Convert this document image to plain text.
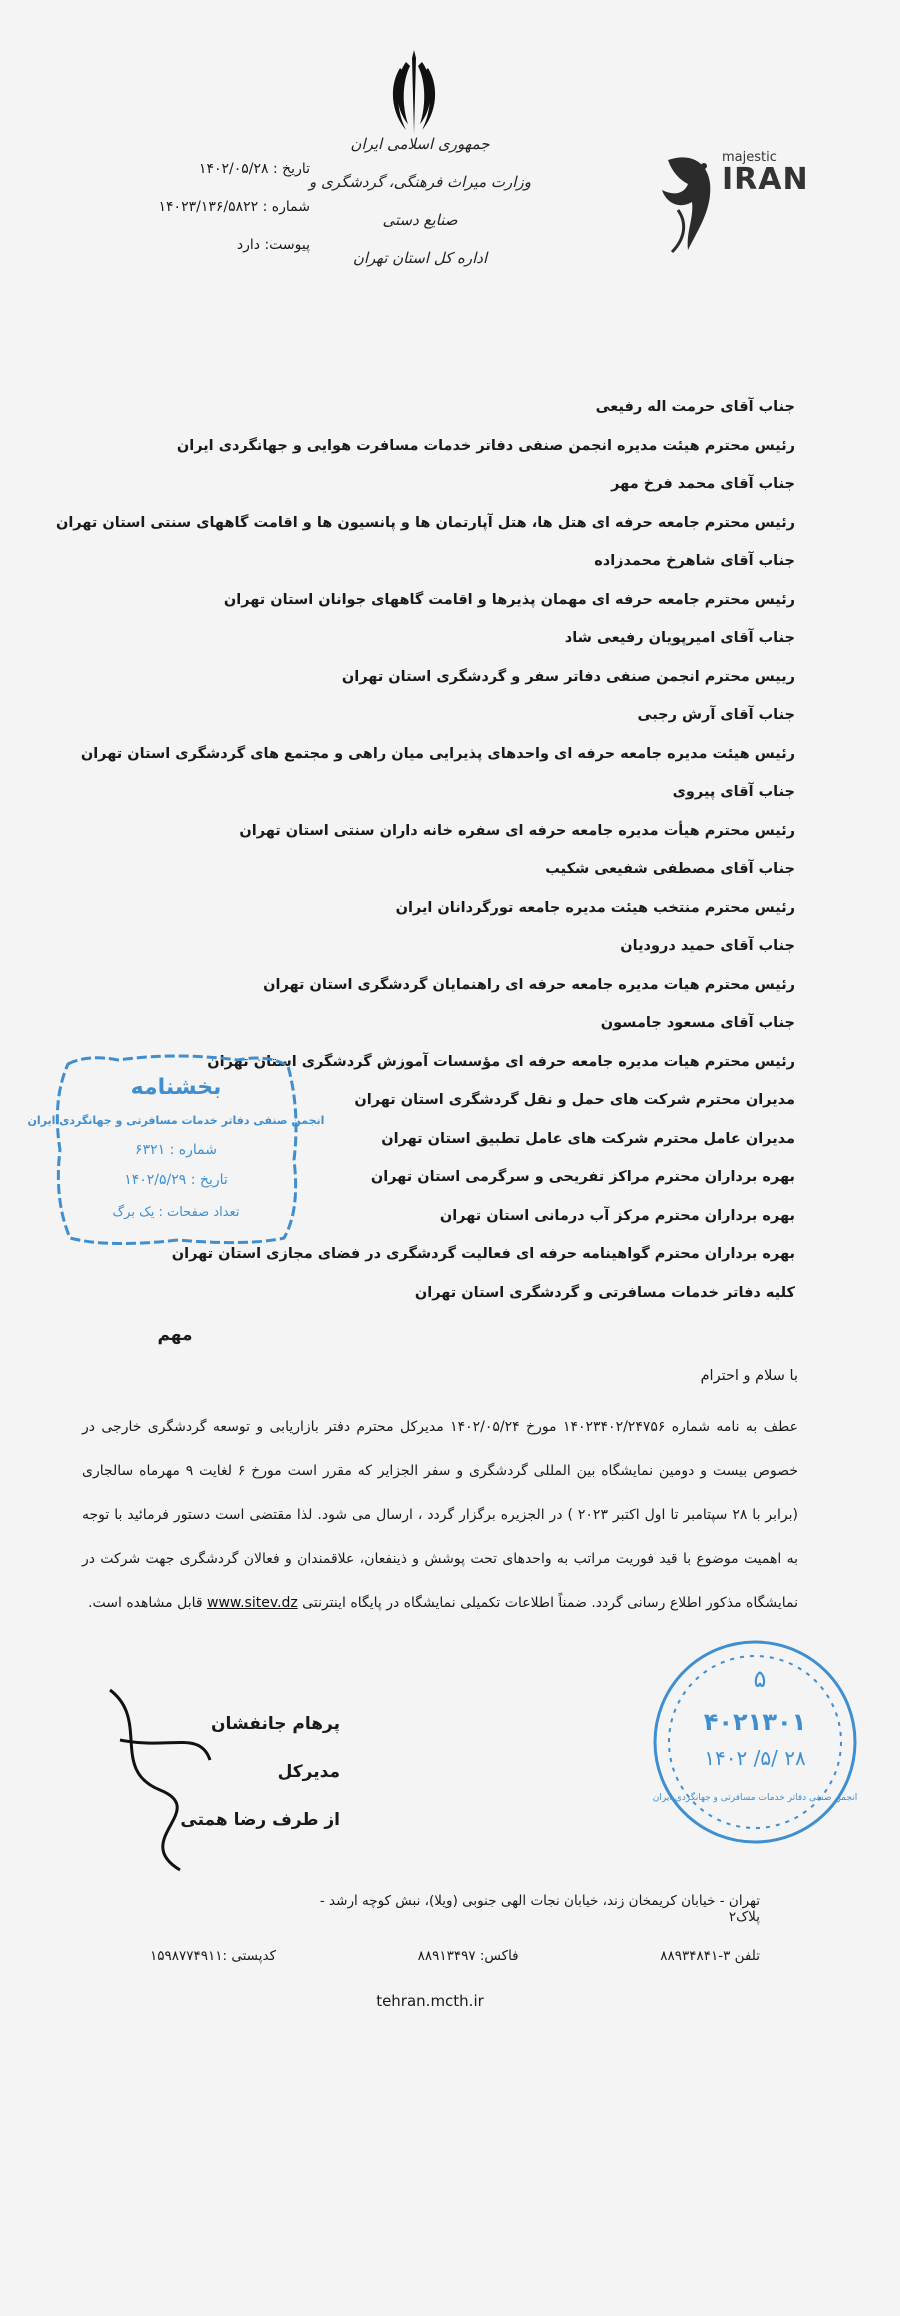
جمهوری اسلامی ایران
وزارت میراث فرهنگی، گردشگری و صنایع دستی
اداره کل استان تهران
majestic
IRAN
تاریخ : ۱۴۰۲/۰۵/۲۸
شماره : ۱۴۰۲۳/۱۳۶/۵۸۲۲
پیوست: دارد
جناب آقای حرمت اله رفیعی
رئیس محترم هیئت مدیره انجمن صنفی دفاتر خدمات مسافرت هوایی و جهانگردی ایران
جناب آقای محمد فرخ مهر
رئیس محترم جامعه حرفه ای هتل ها، هتل آپارتمان ها و پانسیون ها و اقامت گاههای سنتی استان تهران
جناب آقای شاهرخ محمدزاده
رئیس محترم جامعه حرفه ای مهمان پذیرها و اقامت گاههای جوانان استان تهران
جناب آقای امیرپویان رفیعی شاد
رییس محترم انجمن صنفی دفاتر سفر و گردشگری استان تهران
جناب آقای آرش رجبی
رئیس هیئت مدیره جامعه حرفه ای واحدهای پذیرایی میان راهی و مجتمع های گردشگری استان تهران
جناب آقای پیروی
رئیس محترم هیأت مدیره جامعه حرفه ای سفره خانه داران سنتی استان تهران
جناب آقای مصطفی شفیعی شکیب
رئیس محترم منتخب هیئت مدیره جامعه تورگردانان ایران
جناب آقای حمید درودیان
رئیس محترم هیات مدیره جامعه حرفه ای راهنمایان گردشگری استان تهران
جناب آقای مسعود جامسون
رئیس محترم هیات مدیره جامعه حرفه ای مؤسسات آموزش گردشگری استان تهران
مدیران محترم شرکت های حمل و نقل گردشگری استان تهران
مدیران عامل محترم شرکت های عامل تطبیق استان تهران
بهره برداران محترم مراکز تفریحی و سرگرمی استان تهران
بهره برداران محترم مرکز آب درمانی استان تهران
بهره برداران محترم گواهینامه حرفه ای فعالیت گردشگری در فضای مجازی استان تهران
کلیه دفاتر خدمات مسافرتی و گردشگری استان تهران
بخشنامه
انجمن صنفی دفاتر خدمات مسافرتی و جهانگردی ایران
شماره : ۶۳۲۱
تاریخ : ۱۴۰۲/۵/۲۹
تعداد صفحات : یک برگ
مهم
با سلام و احترام
عطف به نامه شماره ۱۴۰۲۳۴۰۲/۲۴۷۵۶ مورخ ۱۴۰۲/۰۵/۲۴ مدیرکل محترم دفتر بازاریابی و توسعه گردشگری خارجی در خصوص بیست و دومین نمایشگاه بین المللی گردشگری و سفر الجزایر که مقرر است مورخ ۶ لغایت ۹ مهرماه سالجاری (برابر با ۲۸ سپتامبر تا اول اکتبر ۲۰۲۳ ) در الجزیره برگزار گردد ، ارسال می شود. لذا مقتضی است دستور فرمائید با توجه به اهمیت موضوع با قید فوریت مراتب به واحدهای تحت پوشش و ذینفعان، علاقمندان و فعالان گردشگری جهت شرکت در نمایشگاه مذکور اطلاع رسانی گردد. ضمناً اطلاعات تکمیلی نمایشگاه در پایگاه اینترنتی www.sitev.dz قابل مشاهده است.
پرهام جانفشان
مدیرکل
از طرف رضا همتی
۵
۴۰۲۱۳۰۱
۱۴۰۲ /۵/ ۲۸
انجمن صنفی دفاتر خدمات مسافرتی و جهانگردی ایران
تهران - خیابان کریمخان زند، خیابان نجات الهی جنوبی (ویلا)، نبش کوچه ارشد - پلاک۲
تلفن ۳-۸۸۹۳۴۸۴۱
فاکس: ۸۸۹۱۳۴۹۷
کدپستی :۱۵۹۸۷۷۴۹۱۱
tehran.mcth.ir
